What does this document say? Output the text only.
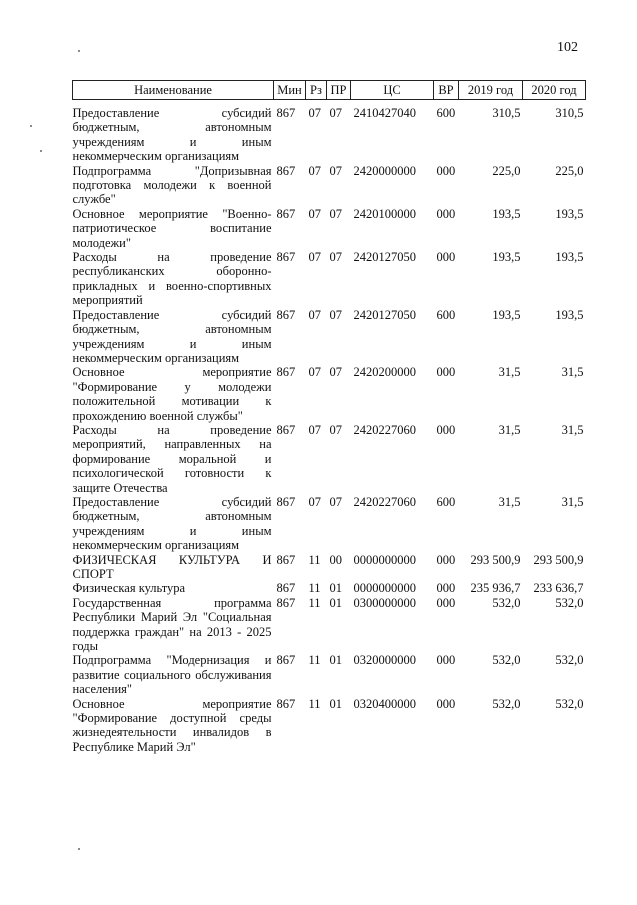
102
Наименование	Мин	Рз	ПР	ЦС	ВР	2019 год	2020 год
Предоставление субсидий бюджетным, автономным учреждениям и иным некоммерческим организациям	867	07	07	2410427040	600	310,5	310,5
Подпрограмма "Допризывная подготовка молодежи к военной службе"	867	07	07	2420000000	000	225,0	225,0
Основное мероприятие "Военно-патриотическое воспитание молодежи"	867	07	07	2420100000	000	193,5	193,5
Расходы на проведение республиканских оборонно-прикладных и военно-спортивных мероприятий	867	07	07	2420127050	000	193,5	193,5
Предоставление субсидий бюджетным, автономным учреждениям и иным некоммерческим организациям	867	07	07	2420127050	600	193,5	193,5
Основное мероприятие "Формирование у молодежи положительной мотивации к прохождению военной службы"	867	07	07	2420200000	000	31,5	31,5
Расходы на проведение мероприятий, направленных на формирование моральной и психологической готовности к защите Отечества	867	07	07	2420227060	000	31,5	31,5
Предоставление субсидий бюджетным, автономным учреждениям и иным некоммерческим организациям	867	07	07	2420227060	600	31,5	31,5
ФИЗИЧЕСКАЯ КУЛЬТУРА И СПОРТ	867	11	00	0000000000	000	293 500,9	293 500,9
Физическая культура	867	11	01	0000000000	000	235 936,7	233 636,7
Государственная программа Республики Марий Эл "Социальная поддержка граждан" на 2013 - 2025 годы	867	11	01	0300000000	000	532,0	532,0
Подпрограмма "Модернизация и развитие социального обслуживания населения"	867	11	01	0320000000	000	532,0	532,0
Основное мероприятие "Формирование доступной среды жизнедеятельности инвалидов в Республике Марий Эл"	867	11	01	0320400000	000	532,0	532,0
